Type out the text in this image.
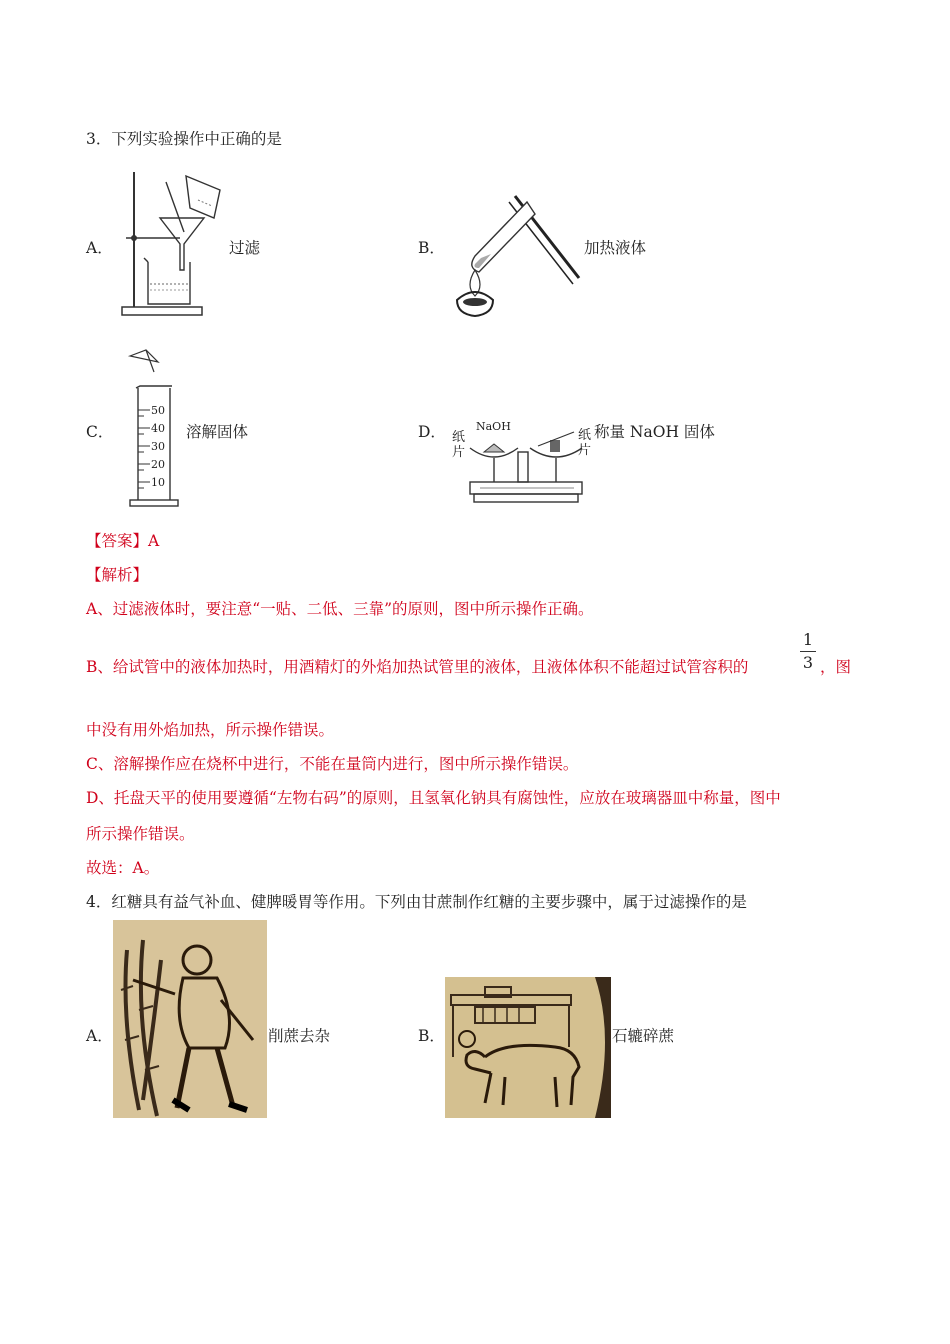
3．下列实验操作中正确的是
A．	过滤	B．	加热液体
C．
50
40
30
20
10
溶解固体	D．	NaOH
纸片
纸片
称量 NaOH 固体
【答案】A
【解析】
A、过滤液体时，要注意“一贴、二低、三靠”的原则，图中所示操作正确。
B、给试管中的液体加热时，用酒精灯的外焰加热试管里的液体，且液体体积不能超过试管容积的
1
3 ，图
中没有用外焰加热，所示操作错误。
C、溶解操作应在烧杯中进行，不能在量筒内进行，图中所示操作错误。
D、托盘天平的使用要遵循“左物右码”的原则，且氢氧化钠具有腐蚀性，应放在玻璃器皿中称量，图中
所示操作错误。
故选：A。
4．红糖具有益气补血、健脾暖胃等作用。下列由甘蔗制作红糖的主要步骤中，属于过滤操作的是
A．	削蔗去杂	B．	石辘碎蔗
